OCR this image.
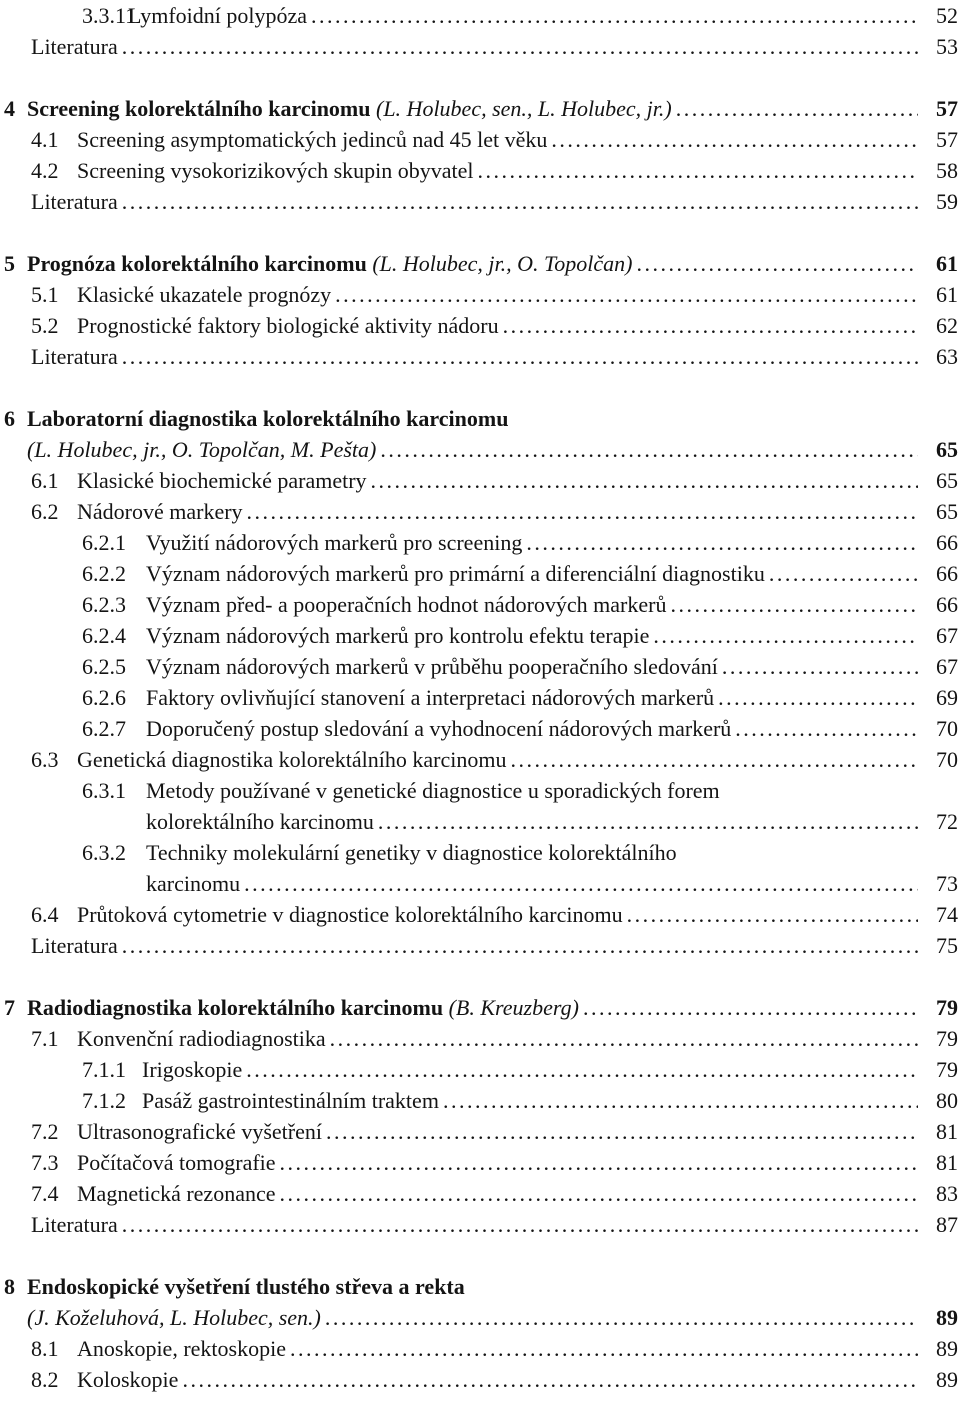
3.3.11Lymfoidní polypóza . . .	52
Literatura . . .	53
4 Screening kolorektálního karcinomu (L. Holubec, sen., L. Holubec, jr.) . . .	57
4.1 Screening asymptomatických jedinců nad 45 let věku . . .	57
4.2 Screening vysokorizikových skupin obyvatel . . .	58
Literatura . . .	59
5 Prognóza kolorektálního karcinomu (L. Holubec, jr., O. Topolčan) . . .	61
5.1 Klasické ukazatele prognózy . . .	61
5.2 Prognostické faktory biologické aktivity nádoru . . .	62
Literatura . . .	63
6 Laboratorní diagnostika kolorektálního karcinomu
(L. Holubec, jr., O. Topolčan, M. Pešta) . . .	65
6.1 Klasické biochemické parametry . . .	65
6.2 Nádorové markery . . .	65
6.2.1 Využití nádorových markerů pro screening . . .	66
6.2.2 Význam nádorových markerů pro primární a diferenciální diagnostiku . . .	66
6.2.3 Význam před- a pooperačních hodnot nádorových markerů . . .	66
6.2.4 Význam nádorových markerů pro kontrolu efektu terapie . . .	67
6.2.5 Význam nádorových markerů v průběhu pooperačního sledování . . .	67
6.2.6 Faktory ovlivňující stanovení a interpretaci nádorových markerů . . .	69
6.2.7 Doporučený postup sledování a vyhodnocení nádorových markerů . . .	70
6.3 Genetická diagnostika kolorektálního karcinomu . . .	70
6.3.1 Metody používané v genetické diagnostice u sporadických forem
kolorektálního karcinomu . . .	72
6.3.2 Techniky molekulární genetiky v diagnostice kolorektálního
karcinomu . . .	73
6.4 Průtoková cytometrie v diagnostice kolorektálního karcinomu . . .	74
Literatura . . .	75
7 Radiodiagnostika kolorektálního karcinomu (B. Kreuzberg) . . .	79
7.1 Konvenční radiodiagnostika . . .	79
7.1.1 Irigoskopie . . .	79
7.1.2 Pasáž gastrointestinálním traktem . . .	80
7.2 Ultrasonografické vyšetření . . .	81
7.3 Počítačová tomografie . . .	81
7.4 Magnetická rezonance . . .	83
Literatura . . .	87
8 Endoskopické vyšetření tlustého střeva a rekta
(J. Koželuhová, L. Holubec, sen.) . . .	89
8.1 Anoskopie, rektoskopie . . .	89
8.2 Koloskopie . . .	89
